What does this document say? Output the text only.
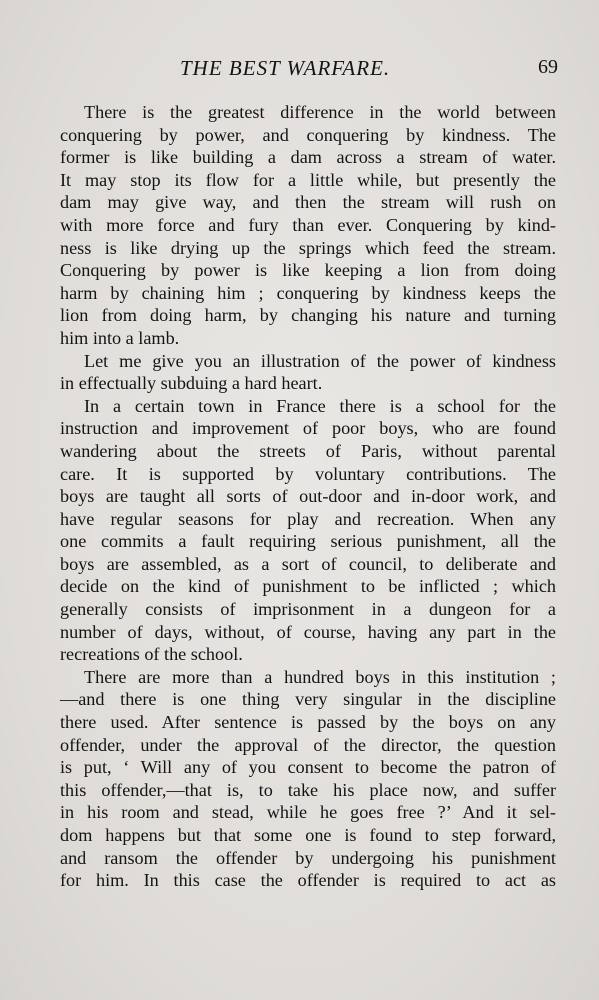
THE BEST WARFARE.	69
There is the greatest difference in the world between
conquering by power, and conquering by kindness. The
former is like building a dam across a stream of water.
It may stop its flow for a little while, but presently the
dam may give way, and then the stream will rush on
with more force and fury than ever. Conquering by kind-
ness is like drying up the springs which feed the stream.
Conquering by power is like keeping a lion from doing
harm by chaining him ; conquering by kindness keeps the
lion from doing harm, by changing his nature and turning
him into a lamb.
Let me give you an illustration of the power of kindness
in effectually subduing a hard heart.
In a certain town in France there is a school for the
instruction and improvement of poor boys, who are found
wandering about the streets of Paris, without parental
care. It is supported by voluntary contributions. The
boys are taught all sorts of out-door and in-door work, and
have regular seasons for play and recreation. When any
one commits a fault requiring serious punishment, all the
boys are assembled, as a sort of council, to deliberate and
decide on the kind of punishment to be inflicted ; which
generally consists of imprisonment in a dungeon for a
number of days, without, of course, having any part in the
recreations of the school.
There are more than a hundred boys in this institution ;
—and there is one thing very singular in the discipline
there used. After sentence is passed by the boys on any
offender, under the approval of the director, the question
is put, ‘ Will any of you consent to become the patron of
this offender,—that is, to take his place now, and suffer
in his room and stead, while he goes free ?’ And it sel-
dom happens but that some one is found to step forward,
and ransom the offender by undergoing his punishment
for him. In this case the offender is required to act as
